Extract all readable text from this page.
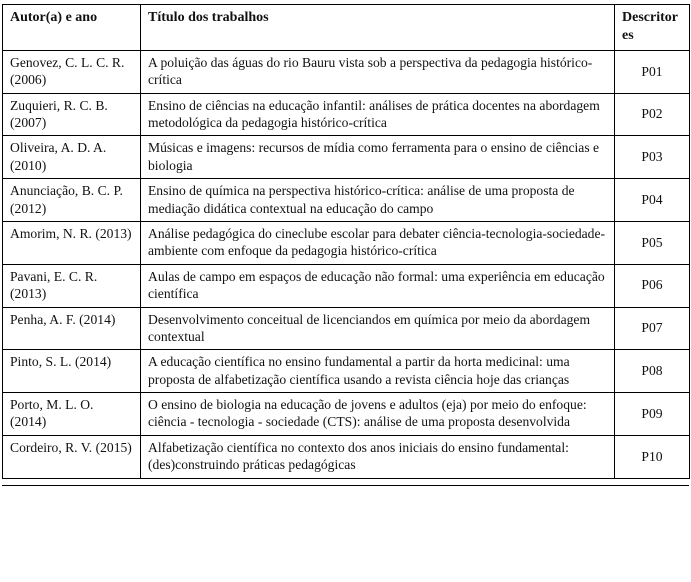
Autor(a) e ano	Título dos trabalhos	Descritores
Genovez, C. L. C. R. (2006)	A poluição das águas do rio Bauru vista sob a perspectiva da pedagogia histórico-crítica	P01
Zuquieri, R. C. B. (2007)	Ensino de ciências na educação infantil: análises de prática docentes na abordagem metodológica da pedagogia histórico-crítica	P02
Oliveira, A. D. A. (2010)	Músicas e imagens: recursos de mídia como ferramenta para o ensino de ciências e biologia	P03
Anunciação, B. C. P. (2012)	Ensino de química na perspectiva histórico-crítica: análise de uma proposta de mediação didática contextual na educação do campo	P04
Amorim, N. R. (2013)	Análise pedagógica do cineclube escolar para debater ciência-tecnologia-sociedade-ambiente com enfoque da pedagogia histórico-crítica	P05
Pavani, E. C. R. (2013)	Aulas de campo em espaços de educação não formal: uma experiência em educação científica	P06
Penha, A. F. (2014)	Desenvolvimento conceitual de licenciandos em química por meio da abordagem contextual	P07
Pinto, S. L. (2014)	A educação científica no ensino fundamental a partir da horta medicinal: uma proposta de alfabetização científica usando a revista ciência hoje das crianças	P08
Porto, M. L. O. (2014)	O ensino de biologia na educação de jovens e adultos (eja) por meio do enfoque: ciência - tecnologia - sociedade (CTS): análise de uma proposta desenvolvida	P09
Cordeiro, R. V. (2015)	Alfabetização científica no contexto dos anos iniciais do ensino fundamental: (des)construindo práticas pedagógicas	P10
